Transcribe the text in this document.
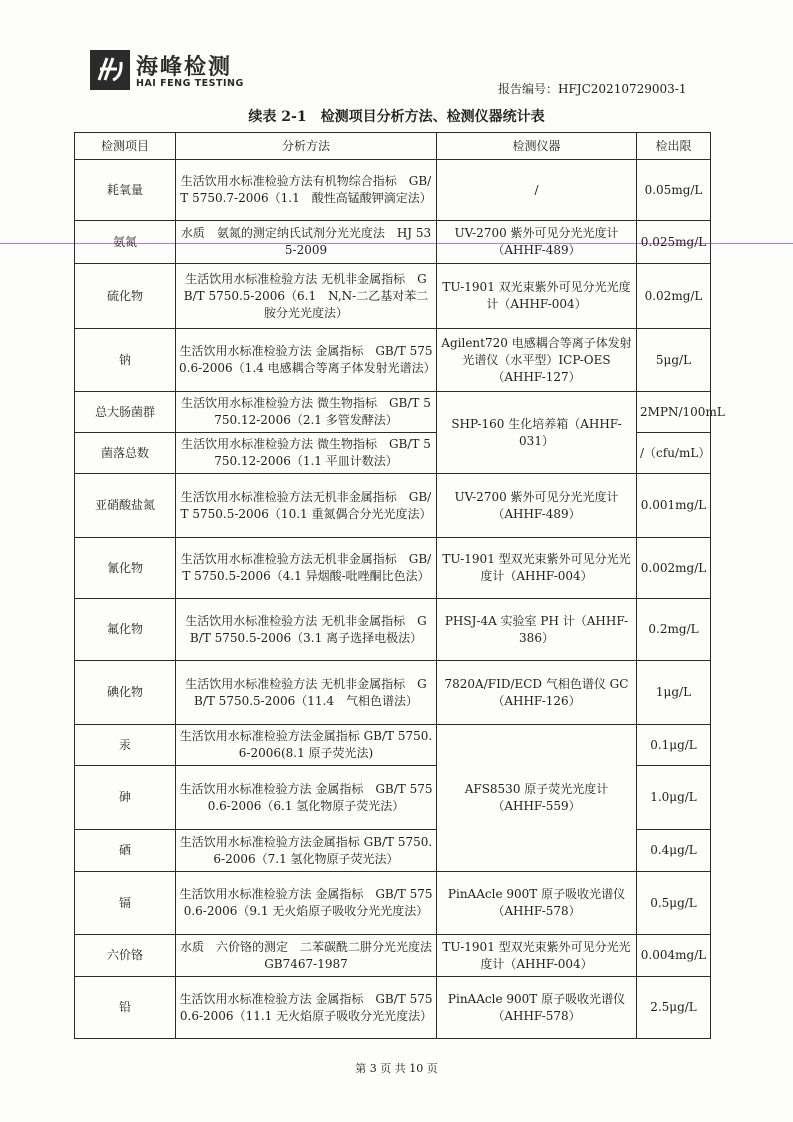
海峰检测
HAI FENG TESTING	报告编号：HFJC20210729003-1
续表 2-1　检测项目分析方法、检测仪器统计表
检测项目	分析方法	检测仪器	检出限
耗氧量	生活饮用水标准检验方法有机物综合指标　GB/T 5750.7-2006（1.1　酸性高锰酸钾滴定法）	/	0.05mg/L
氨氮	水质　氨氮的测定纳氏试剂分光光度法　HJ 535-2009	UV-2700 紫外可见分光光度计（AHHF-489）	0.025mg/L
硫化物	生活饮用水标准检验方法 无机非金属指标　GB/T 5750.5-2006（6.1　N,N-二乙基对苯二胺分光光度法）	TU-1901 双光束紫外可见分光光度计（AHHF-004）	0.02mg/L
钠	生活饮用水标准检验方法 金属指标　GB/T 5750.6-2006（1.4 电感耦合等离子体发射光谱法）	Agilent720 电感耦合等离子体发射光谱仪（水平型）ICP-OES（AHHF-127）	5μg/L
总大肠菌群	生活饮用水标准检验方法 微生物指标　GB/T 5750.12-2006（2.1 多管发酵法）	SHP-160 生化培养箱（AHHF-031）	2MPN/100mL
菌落总数	生活饮用水标准检验方法 微生物指标　GB/T 5750.12-2006（1.1 平皿计数法）		/（cfu/mL）
亚硝酸盐氮	生活饮用水标准检验方法无机非金属指标　GB/T 5750.5-2006（10.1 重氮偶合分光光度法）	UV-2700 紫外可见分光光度计（AHHF-489）	0.001mg/L
氰化物	生活饮用水标准检验方法无机非金属指标　GB/T 5750.5-2006（4.1 异烟酸-吡唑酮比色法）	TU-1901 型双光束紫外可见分光光度计（AHHF-004）	0.002mg/L
氟化物	生活饮用水标准检验方法 无机非金属指标　GB/T 5750.5-2006（3.1 离子选择电极法）	PHSJ-4A 实验室 PH 计（AHHF-386）	0.2mg/L
碘化物	生活饮用水标准检验方法 无机非金属指标　GB/T 5750.5-2006（11.4　气相色谱法）	7820A/FID/ECD 气相色谱仪 GC（AHHF-126）	1μg/L
汞	生活饮用水标准检验方法金属指标 GB/T 5750.6-2006(8.1 原子荧光法)	AFS8530 原子荧光光度计（AHHF-559）	0.1μg/L
砷	生活饮用水标准检验方法 金属指标　GB/T 5750.6-2006（6.1 氢化物原子荧光法）		1.0μg/L
硒	生活饮用水标准检验方法金属指标 GB/T 5750.6-2006（7.1 氢化物原子荧光法）		0.4μg/L
镉	生活饮用水标准检验方法 金属指标　GB/T 5750.6-2006（9.1 无火焰原子吸收分光光度法）	PinAAcle 900T 原子吸收光谱仪（AHHF-578）	0.5μg/L
六价铬	水质　六价铬的测定　二苯碳酰二肼分光光度法　GB7467-1987	TU-1901 型双光束紫外可见分光光度计（AHHF-004）	0.004mg/L
铅	生活饮用水标准检验方法 金属指标　GB/T 5750.6-2006（11.1 无火焰原子吸收分光光度法）	PinAAcle 900T 原子吸收光谱仪（AHHF-578）	2.5μg/L
第 3 页 共 10 页
